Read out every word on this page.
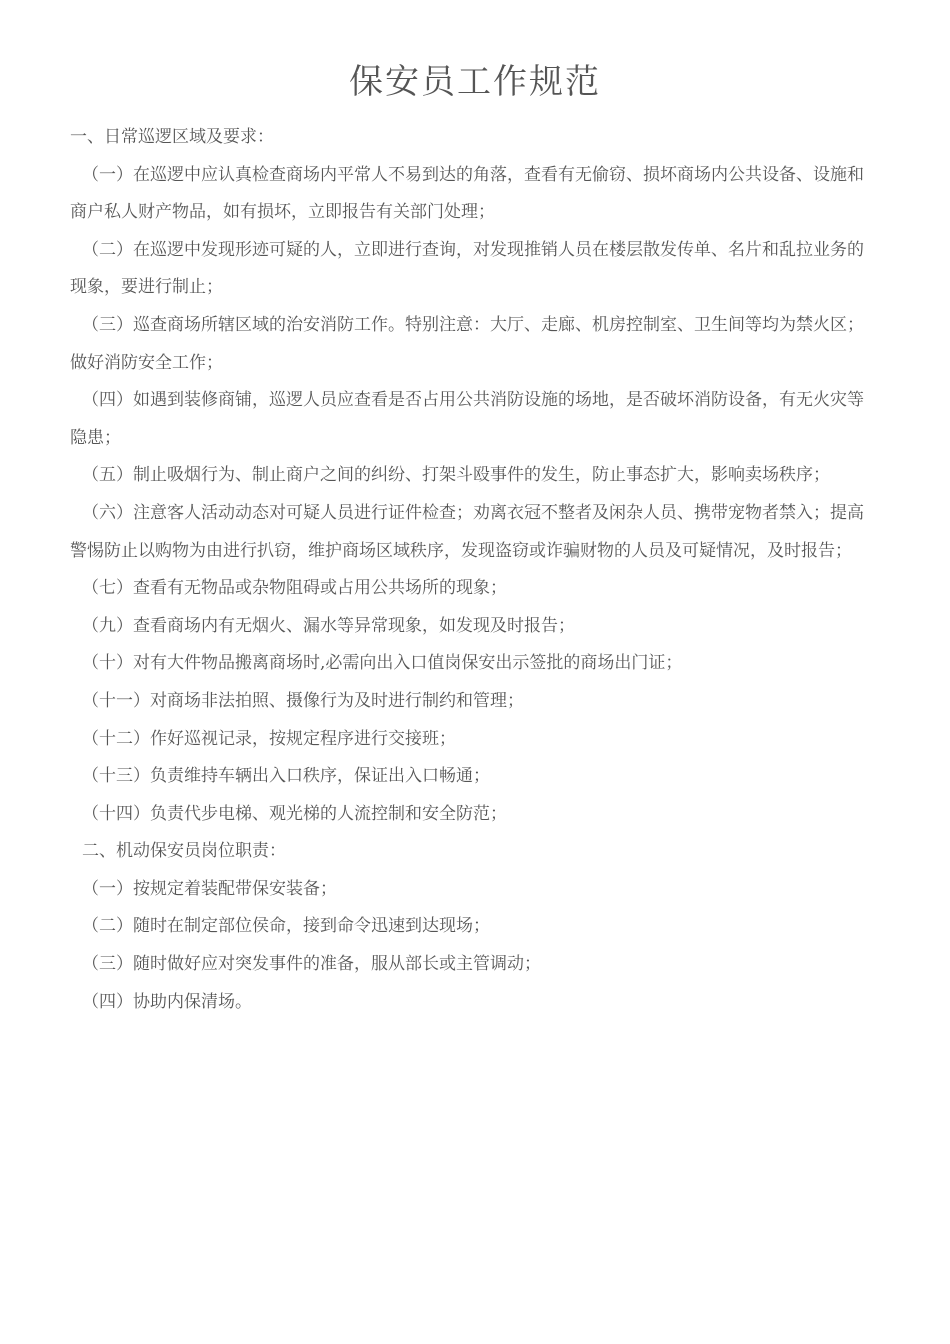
保安员工作规范

一、日常巡逻区域及要求：

（一）在巡逻中应认真检查商场内平常人不易到达的角落，查看有无偷窃、损坏商场内公共设备、设施和商户私人财产物品，如有损坏，立即报告有关部门处理；

（二）在巡逻中发现形迹可疑的人，立即进行查询，对发现推销人员在楼层散发传单、名片和乱拉业务的现象，要进行制止；

（三）巡查商场所辖区域的治安消防工作。特别注意：大厅、走廊、机房控制室、卫生间等均为禁火区；做好消防安全工作；

（四）如遇到装修商铺，巡逻人员应查看是否占用公共消防设施的场地，是否破坏消防设备，有无火灾等隐患；

（五）制止吸烟行为、制止商户之间的纠纷、打架斗殴事件的发生，防止事态扩大，影响卖场秩序；

（六）注意客人活动动态对可疑人员进行证件检查；劝离衣冠不整者及闲杂人员、携带宠物者禁入；提高警惕防止以购物为由进行扒窃，维护商场区域秩序，发现盗窃或诈骗财物的人员及可疑情况，及时报告；

（七）查看有无物品或杂物阻碍或占用公共场所的现象；

（九）查看商场内有无烟火、漏水等异常现象，如发现及时报告；

（十）对有大件物品搬离商场时,必需向出入口值岗保安出示签批的商场出门证；

（十一）对商场非法拍照、摄像行为及时进行制约和管理；

（十二）作好巡视记录，按规定程序进行交接班；

（十三）负责维持车辆出入口秩序，保证出入口畅通；

（十四）负责代步电梯、观光梯的人流控制和安全防范；

二、机动保安员岗位职责：

（一）按规定着装配带保安装备；

（二）随时在制定部位侯命，接到命令迅速到达现场；

（三）随时做好应对突发事件的准备，服从部长或主管调动；

（四）协助内保清场。
